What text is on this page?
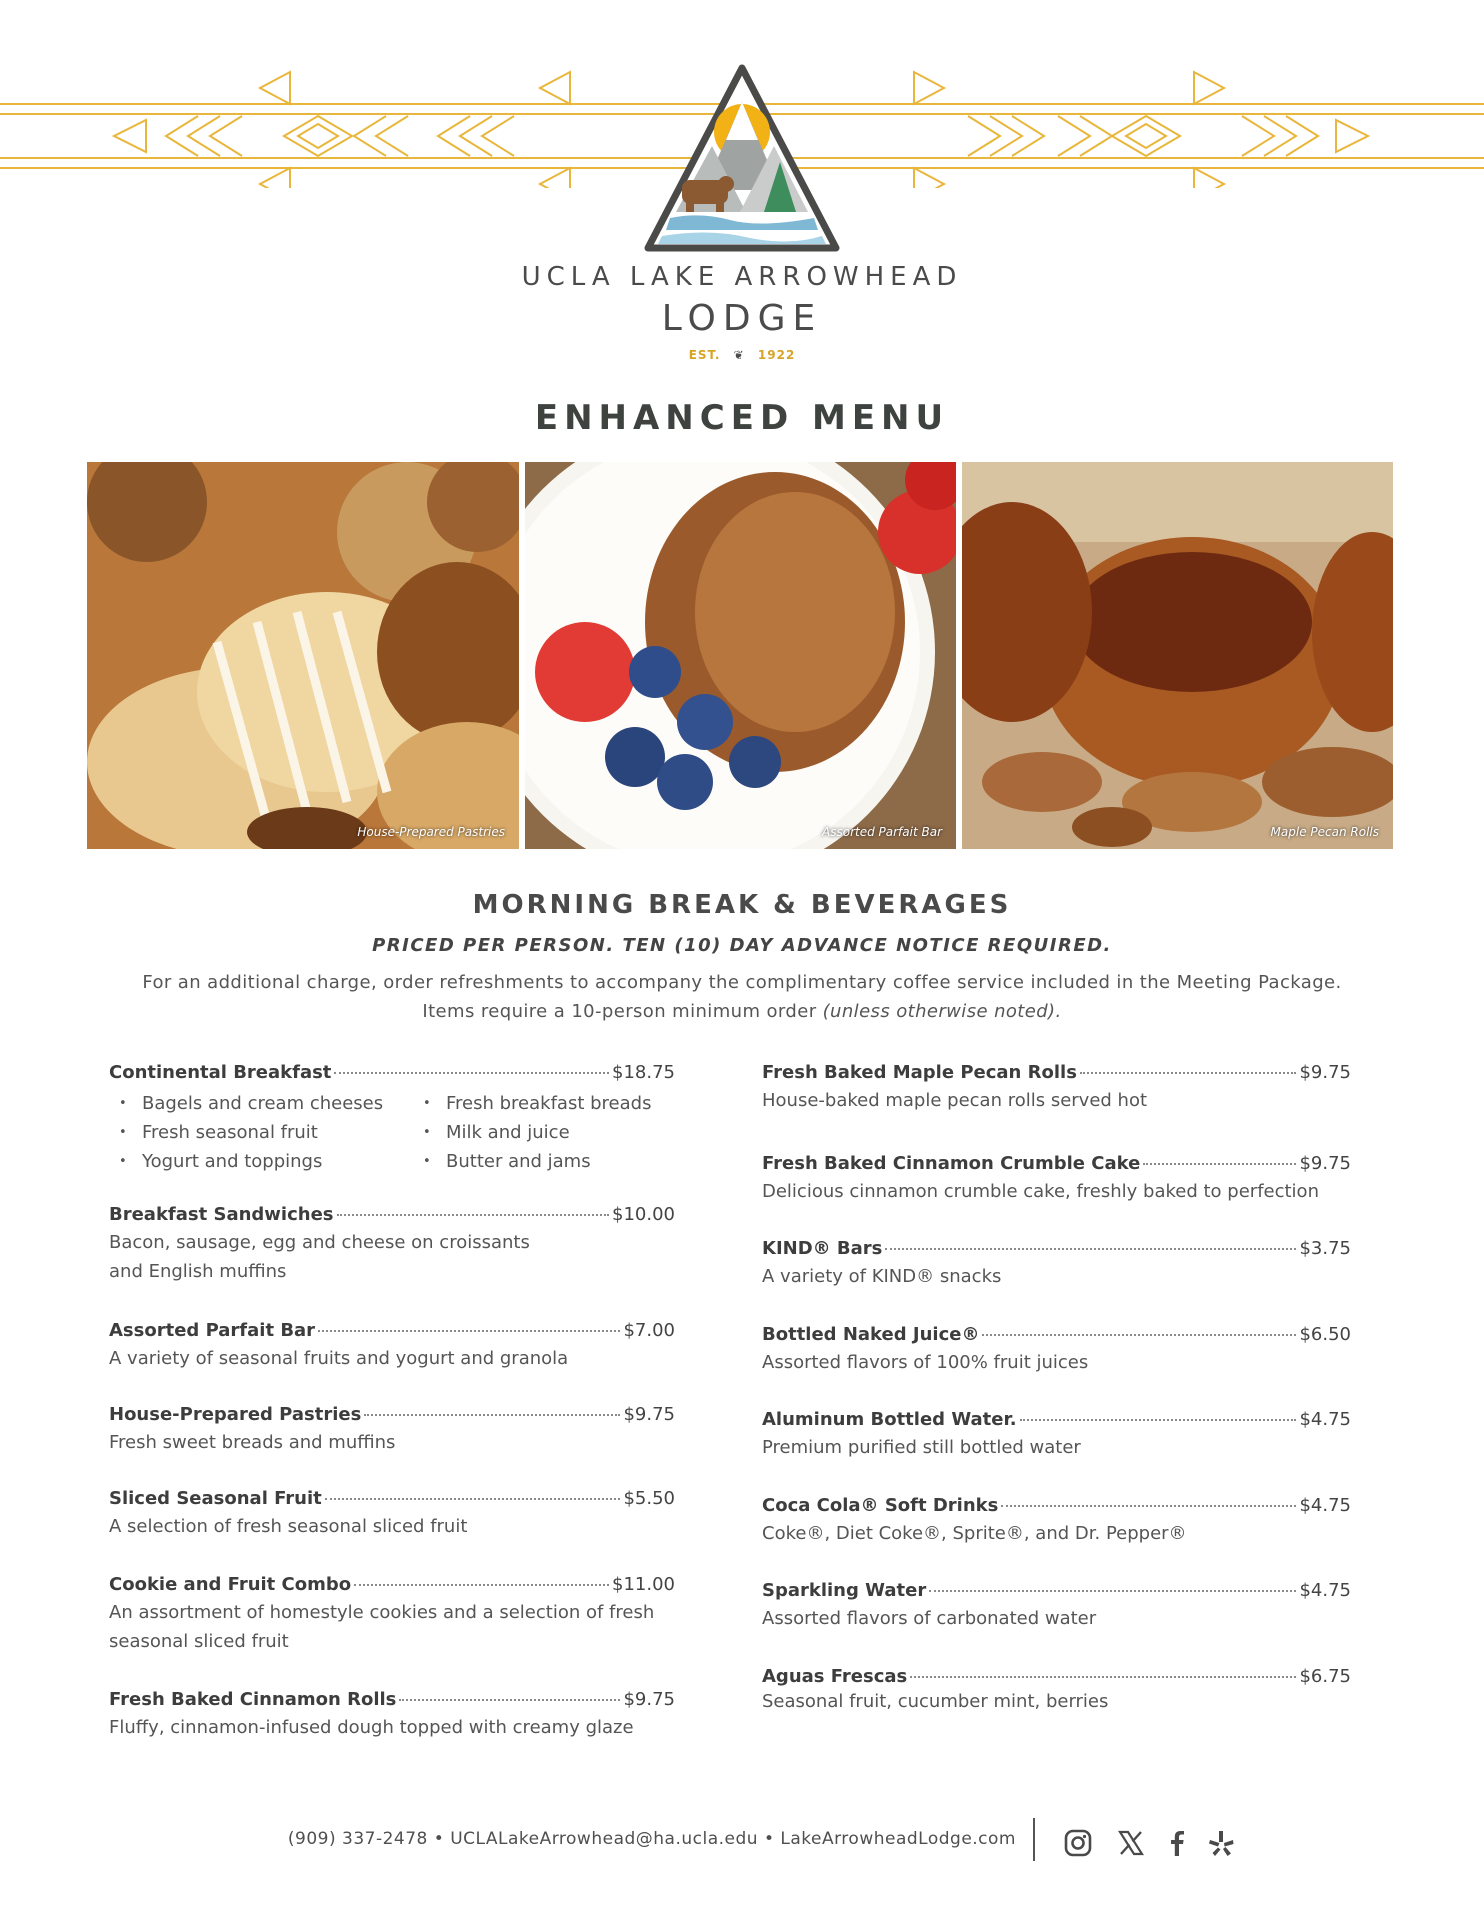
UCLA LAKE ARROWHEAD
LODGE
EST. ❦ 1922
ENHANCED MENU
House-Prepared Pastries	Assorted Parfait Bar	Maple Pecan Rolls
MORNING BREAK & BEVERAGES
PRICED PER PERSON. TEN (10) DAY ADVANCE NOTICE REQUIRED.
For an additional charge, order refreshments to accompany the complimentary coffee service included in the Meeting Package.
Items require a 10-person minimum order (unless otherwise noted).
Continental Breakfast	$18.75
• Bagels and cream cheeses	• Fresh breakfast breads
• Fresh seasonal fruit	• Milk and juice
• Yogurt and toppings	• Butter and jams
Breakfast Sandwiches	$10.00
Bacon, sausage, egg and cheese on croissants
and English muffins
Assorted Parfait Bar	$7.00
A variety of seasonal fruits and yogurt and granola
House-Prepared Pastries	$9.75
Fresh sweet breads and muffins
Sliced Seasonal Fruit	$5.50
A selection of fresh seasonal sliced fruit
Cookie and Fruit Combo	$11.00
An assortment of homestyle cookies and a selection of fresh
seasonal sliced fruit
Fresh Baked Cinnamon Rolls	$9.75
Fluffy, cinnamon-infused dough topped with creamy glaze
Fresh Baked Maple Pecan Rolls	$9.75
House-baked maple pecan rolls served hot
Fresh Baked Cinnamon Crumble Cake	$9.75
Delicious cinnamon crumble cake, freshly baked to perfection
KIND® Bars	$3.75
A variety of KIND® snacks
Bottled Naked Juice®	$6.50
Assorted flavors of 100% fruit juices
Aluminum Bottled Water.	$4.75
Premium purified still bottled water
Coca Cola® Soft Drinks	$4.75
Coke®, Diet Coke®, Sprite®, and Dr. Pepper®
Sparkling Water	$4.75
Assorted flavors of carbonated water
Aguas Frescas	$6.75
Seasonal fruit, cucumber mint, berries
(909) 337-2478 • UCLALakeArrowhead@ha.ucla.edu • LakeArrowheadLodge.com
